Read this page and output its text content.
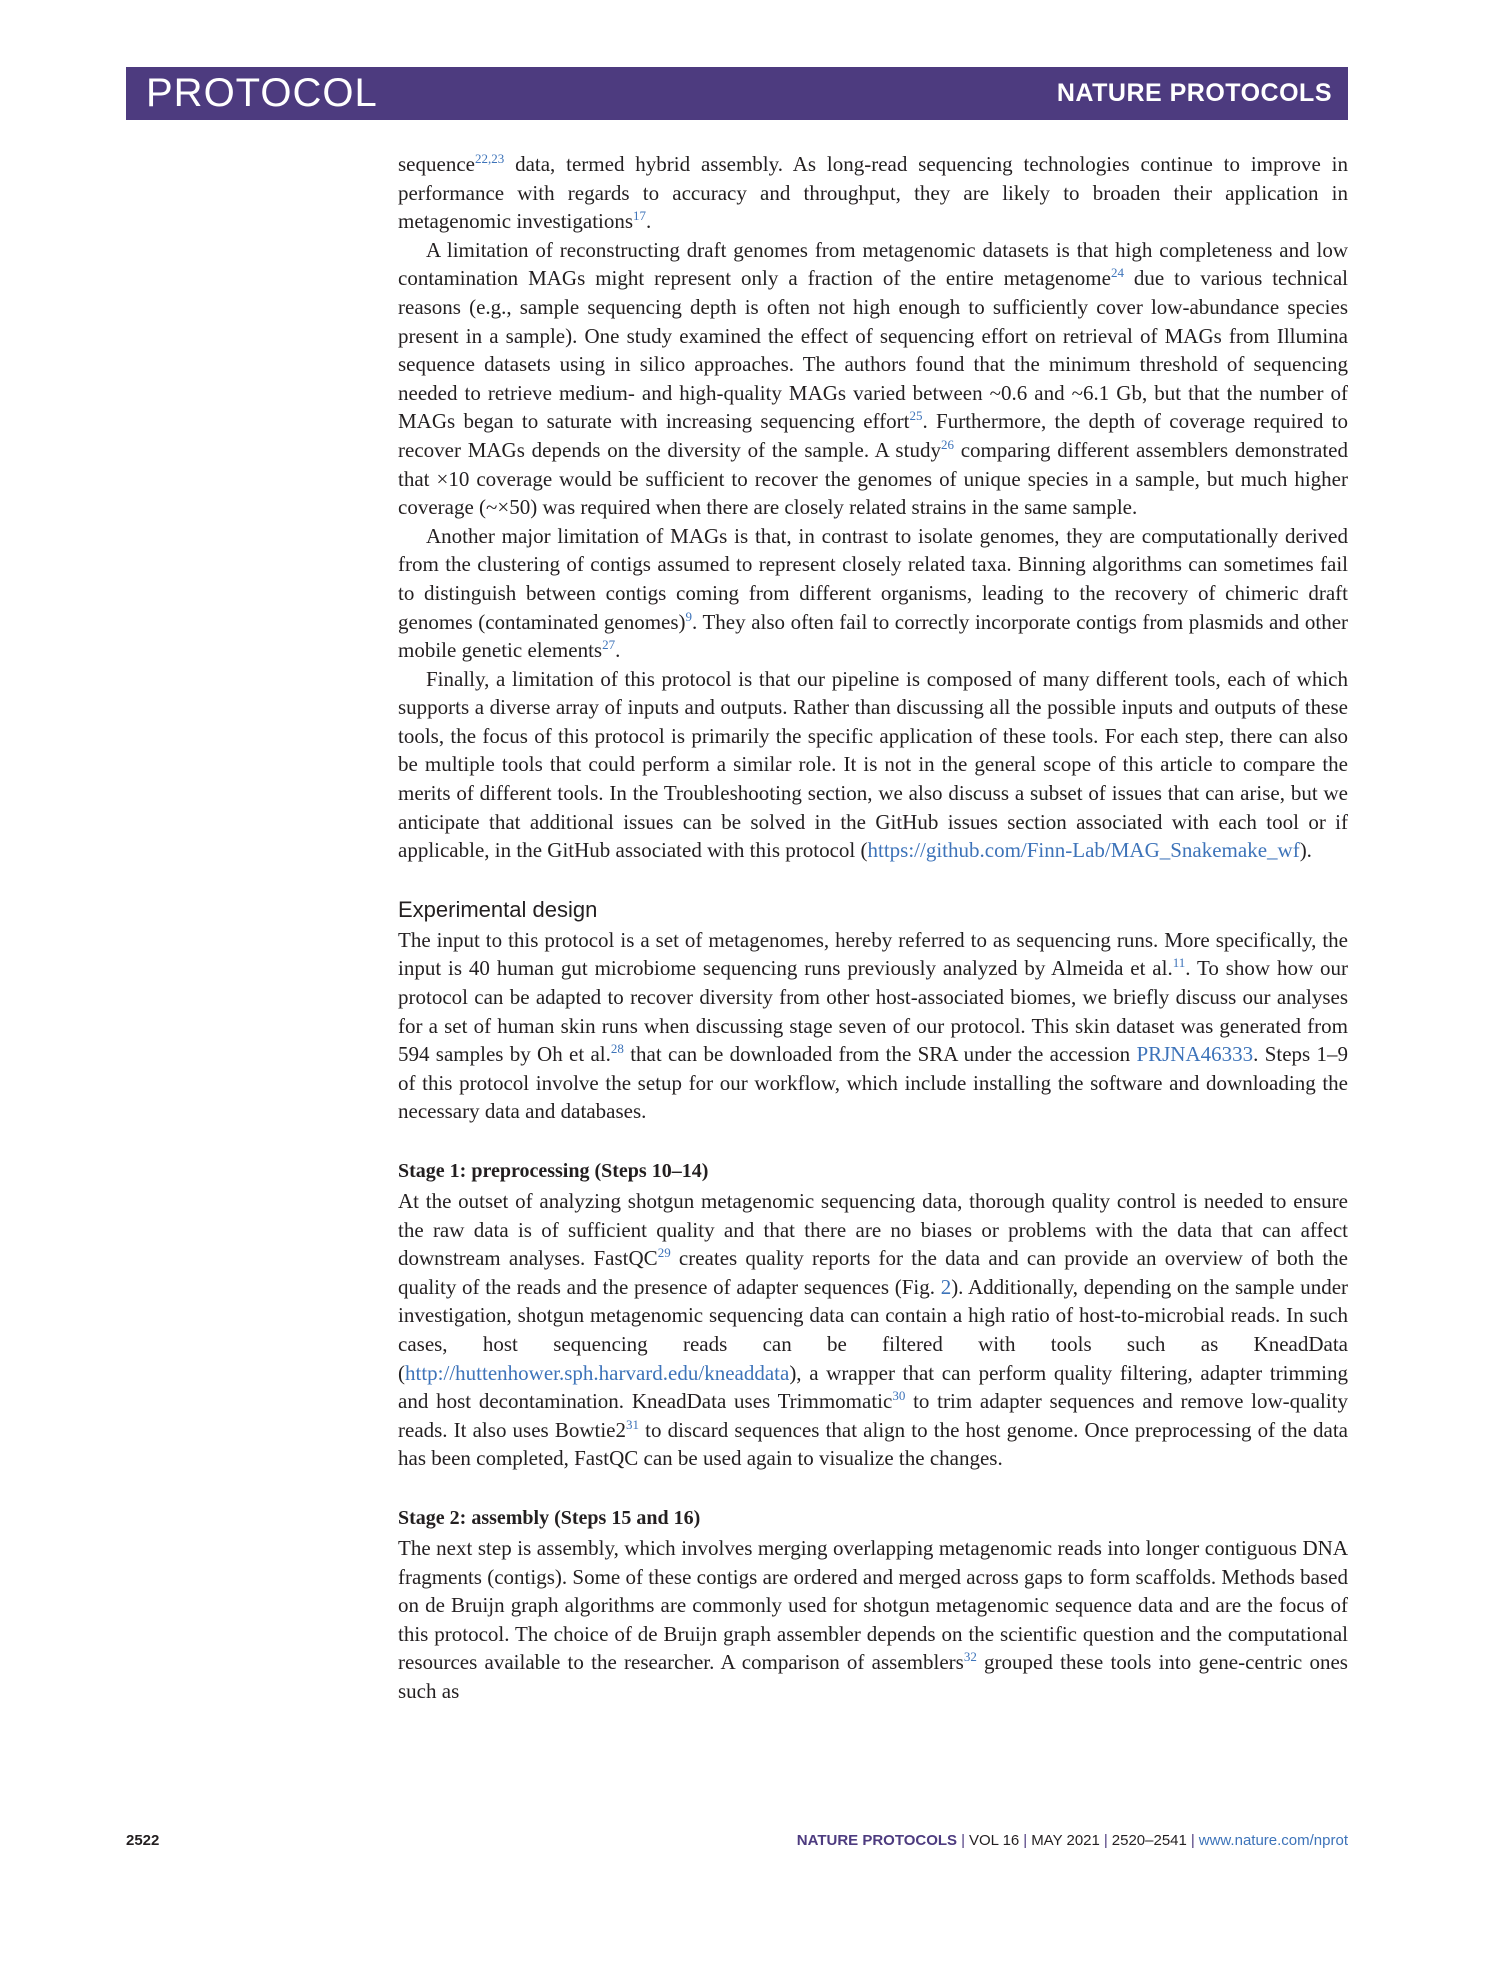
PROTOCOL	NATURE PROTOCOLS

sequence$^{22,23}$ data, termed hybrid assembly. As long-read sequencing technologies continue to improve in performance with regards to accuracy and throughput, they are likely to broaden their application in metagenomic investigations$^{17}$.

A limitation of reconstructing draft genomes from metagenomic datasets is that high completeness and low contamination MAGs might represent only a fraction of the entire metagenome$^{24}$ due to various technical reasons (e.g., sample sequencing depth is often not high enough to sufficiently cover low-abundance species present in a sample). One study examined the effect of sequencing effort on retrieval of MAGs from Illumina sequence datasets using in silico approaches. The authors found that the minimum threshold of sequencing needed to retrieve medium- and high-quality MAGs varied between ~0.6 and ~6.1 Gb, but that the number of MAGs began to saturate with increasing sequencing effort$^{25}$. Furthermore, the depth of coverage required to recover MAGs depends on the diversity of the sample. A study$^{26}$ comparing different assemblers demonstrated that ×10 coverage would be sufficient to recover the genomes of unique species in a sample, but much higher coverage (~×50) was required when there are closely related strains in the same sample.

Another major limitation of MAGs is that, in contrast to isolate genomes, they are computationally derived from the clustering of contigs assumed to represent closely related taxa. Binning algorithms can sometimes fail to distinguish between contigs coming from different organisms, leading to the recovery of chimeric draft genomes (contaminated genomes)$^9$. They also often fail to correctly incorporate contigs from plasmids and other mobile genetic elements$^{27}$.

Finally, a limitation of this protocol is that our pipeline is composed of many different tools, each of which supports a diverse array of inputs and outputs. Rather than discussing all the possible inputs and outputs of these tools, the focus of this protocol is primarily the specific application of these tools. For each step, there can also be multiple tools that could perform a similar role. It is not in the general scope of this article to compare the merits of different tools. In the Troubleshooting section, we also discuss a subset of issues that can arise, but we anticipate that additional issues can be solved in the GitHub issues section associated with each tool or if applicable, in the GitHub associated with this protocol (https://github.com/Finn-Lab/MAG_Snakemake_wf).

Experimental design

The input to this protocol is a set of metagenomes, hereby referred to as sequencing runs. More specifically, the input is 40 human gut microbiome sequencing runs previously analyzed by Almeida et al.$^{11}$. To show how our protocol can be adapted to recover diversity from other host-associated biomes, we briefly discuss our analyses for a set of human skin runs when discussing stage seven of our protocol. This skin dataset was generated from 594 samples by Oh et al.$^{28}$ that can be downloaded from the SRA under the accession PRJNA46333. Steps 1–9 of this protocol involve the setup for our workflow, which include installing the software and downloading the necessary data and databases.

Stage 1: preprocessing (Steps 10–14)

At the outset of analyzing shotgun metagenomic sequencing data, thorough quality control is needed to ensure the raw data is of sufficient quality and that there are no biases or problems with the data that can affect downstream analyses. FastQC$^{29}$ creates quality reports for the data and can provide an overview of both the quality of the reads and the presence of adapter sequences (Fig. 2). Additionally, depending on the sample under investigation, shotgun metagenomic sequencing data can contain a high ratio of host-to-microbial reads. In such cases, host sequencing reads can be filtered with tools such as KneadData (http://huttenhower.sph.harvard.edu/kneaddata), a wrapper that can perform quality filtering, adapter trimming and host decontamination. KneadData uses Trimmomatic$^{30}$ to trim adapter sequences and remove low-quality reads. It also uses $Bowtie2^{31}$ to discard sequences that align to the host genome. Once preprocessing of the data has been completed, FastQC can be used again to visualize the changes.

Stage 2: assembly (Steps 15 and 16)

The next step is assembly, which involves merging overlapping metagenomic reads into longer contiguous DNA fragments (contigs). Some of these contigs are ordered and merged across gaps to form scaffolds. Methods based on de Bruijn graph algorithms are commonly used for shotgun metagenomic sequence data and are the focus of this protocol. The choice of de Bruijn graph assembler depends on the scientific question and the computational resources available to the researcher. A comparison of assemblers$^{32}$ grouped these tools into gene-centric ones such as

2522	NATURE PROTOCOLS | VOL 16 | MAY 2021 | 2520–2541 | www.nature.com/nprot
